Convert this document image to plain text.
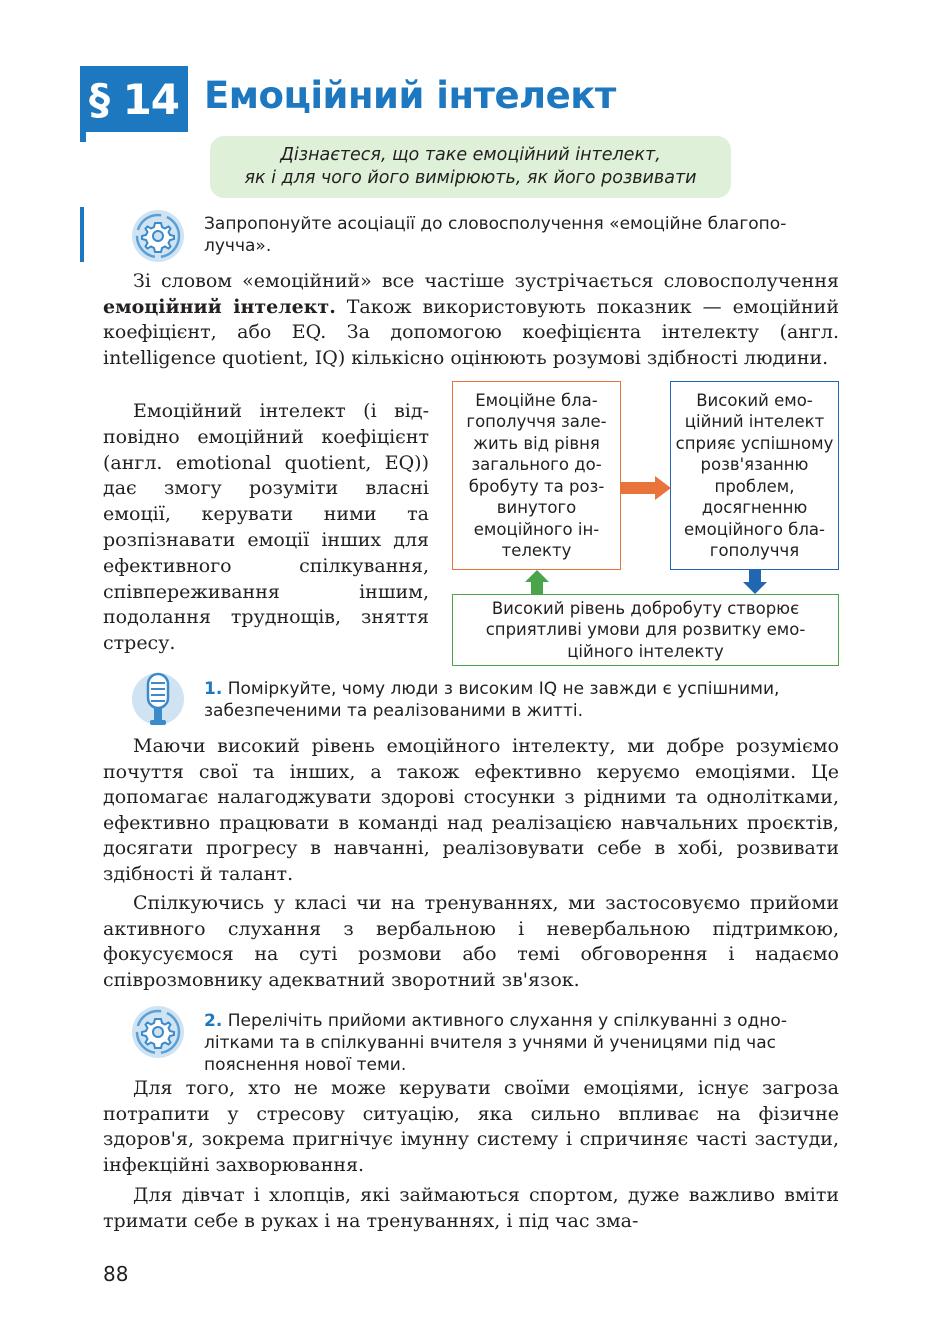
§ 14 Емоційний інтелект
Дізнаєтеся, що таке емоційний інтелект,
як і для чого його вимірюють, як його розвивати
Запропонуйте асоціації до словосполучення «емоційне благополучча».
Зі словом «емоційний» все частіше зустрічається словосполучення емоційний інтелект. Також використовують показник — емоційний коефіцієнт, або EQ. За допомогою коефіцієнта інтелекту (англ. intelligence quotient, IQ) кількісно оцінюють розумові здібності людини.
Емоційний інтелект (і відповідно емоційний коефіцієнт (англ. emotional quotient, EQ)) дає змогу розуміти власні емоції, керувати ними та розпізнавати емоції інших для ефективного спілкування, співпереживання іншим, подолання труднощів, зняття стресу.
Емоційне благополуччя залежить від рівня загального добробуту та розвинутого емоційного інтелекту
Високий емоційний інтелект сприяє успішному розв'язанню проблем, досягненню емоційного благополуччя
Високий рівень добробуту створює сприятливі умови для розвитку емоційного інтелекту
1. Поміркуйте, чому люди з високим IQ не завжди є успішними, забезпеченими та реалізованими в житті.
Маючи високий рівень емоційного інтелекту, ми добре розуміємо почуття свої та інших, а також ефективно керуємо емоціями. Це допомагає налагоджувати здорові стосунки з рідними та однолітками, ефективно працювати в команді над реалізацією навчальних проєктів, досягати прогресу в навчанні, реалізовувати себе в хобі, розвивати здібності й талант.
Спілкуючись у класі чи на тренуваннях, ми застосовуємо прийоми активного слухання з вербальною і невербальною підтримкою, фокусуємося на суті розмови або темі обговорення і надаємо співрозмовнику адекватний зворотний зв'язок.
2. Перелічіть прийоми активного слухання у спілкуванні з однолітками та в спілкуванні вчителя з учнями й ученицями під час пояснення нової теми.
Для того, хто не може керувати своїми емоціями, існує загроза потрапити у стресову ситуацію, яка сильно впливає на фізичне здоров'я, зокрема пригнічує імунну систему і спричиняє часті застуди, інфекційні захворювання.
Для дівчат і хлопців, які займаються спортом, дуже важливо вміти тримати себе в руках і на тренуваннях, і під час зма-
88
